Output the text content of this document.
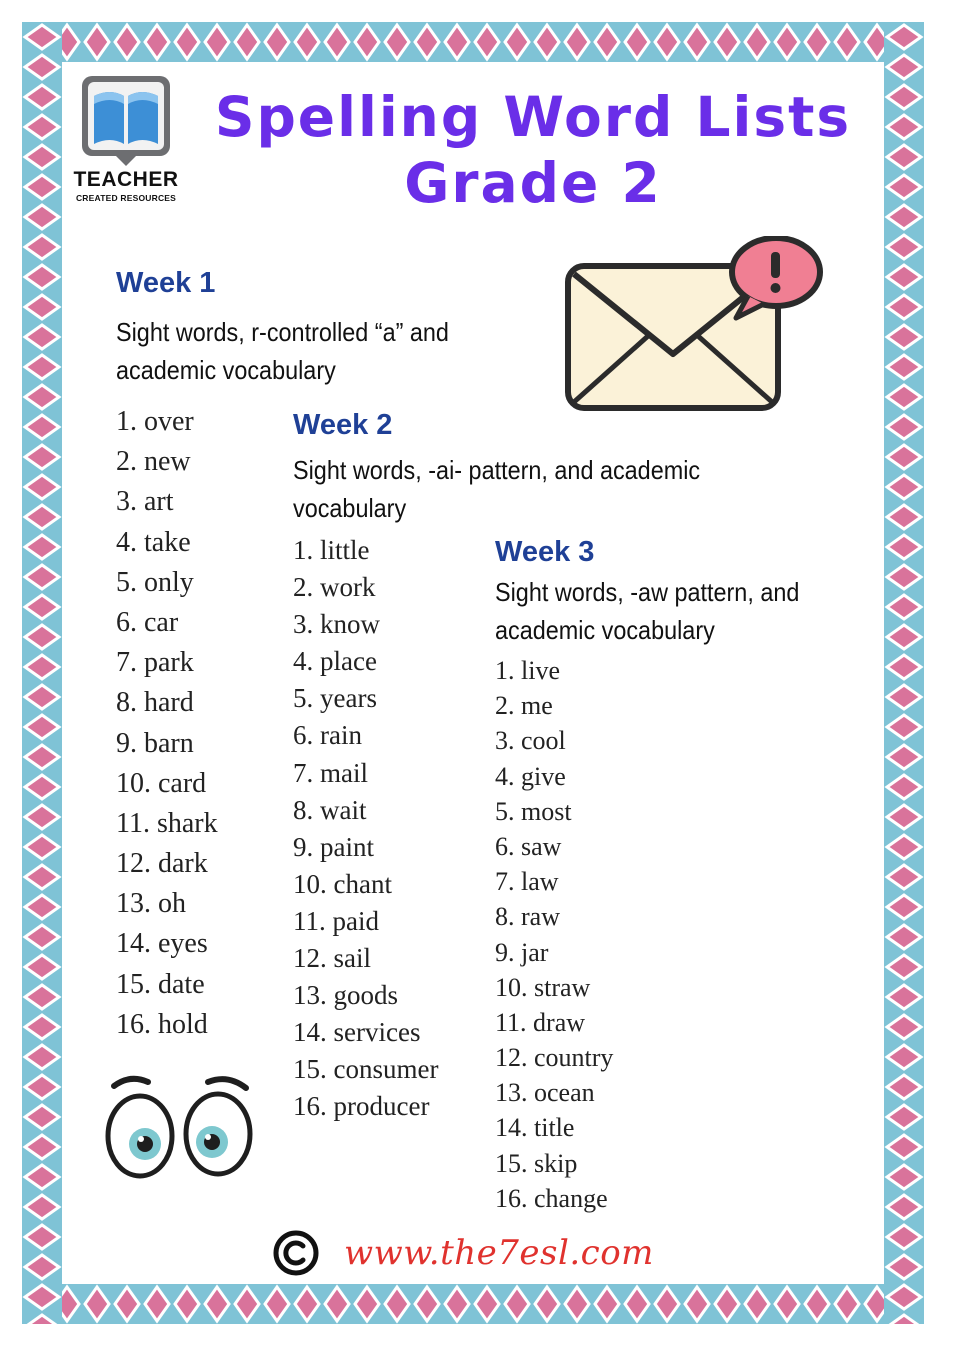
TEACHER
CREATED RESOURCES
Spelling Word Lists
Grade 2
Week 1
Sight words, r-controlled “a” and
academic vocabulary
1. over
2. new
3. art
4. take
5. only
6. car
7. park
8. hard
9. barn
10. card
11. shark
12. dark
13. oh
14. eyes
15. date
16. hold
Week 2
Sight words, -ai- pattern, and academic
vocabulary
1. little
2. work
3. know
4. place
5. years
6. rain
7. mail
8. wait
9. paint
10. chant
11. paid
12. sail
13. goods
14. services
15. consumer
16. producer
Week 3
Sight words, -aw pattern, and
academic vocabulary
1. live
2. me
3. cool
4. give
5. most
6. saw
7. law
8. raw
9. jar
10. straw
11. draw
12. country
13. ocean
14. title
15. skip
16. change
www.the7esl.com
